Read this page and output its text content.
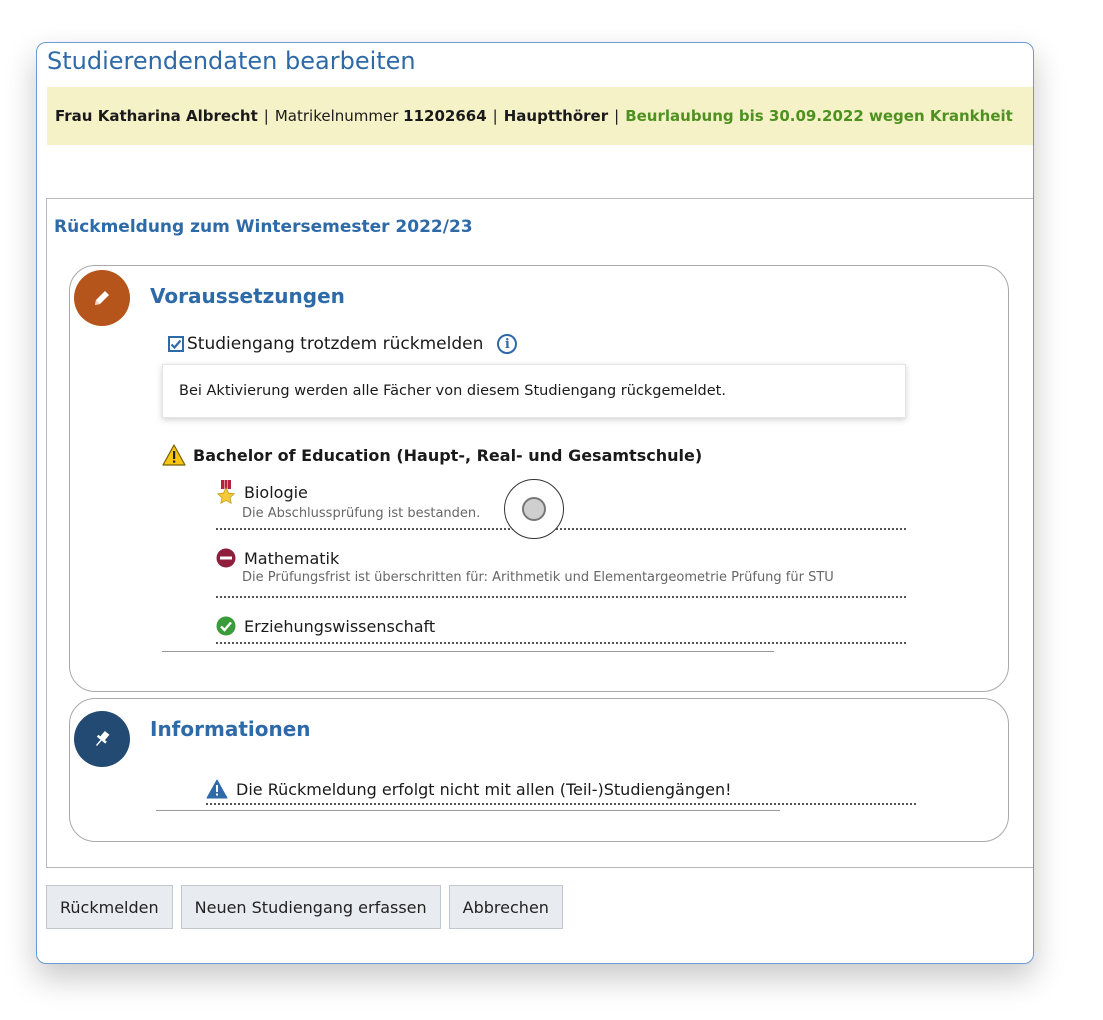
Studierendendaten bearbeiten
Frau Katharina Albrecht | Matrikelnummer
11202664 | Hauptthörer | Beurlaubung bis 30.09.2022 wegen Krankheit
Rückmeldung zum Wintersemester 2022/23
Voraussetzungen
Studiengang trotzdem rückmelden	i
Bei Aktivierung werden alle Fächer von diesem Studiengang rückgemeldet.
Bachelor of Education (Haupt-, Real- und Gesamtschule)
Biologie
Die Abschlussprüfung ist bestanden.
Mathematik
Die Prüfungsfrist ist überschritten für: Arithmetik und Elementargeometrie Prüfung für STU
Erziehungswissenschaft
Informationen
Die Rückmeldung erfolgt nicht mit allen (Teil-)Studiengängen!
Rückmelden	Neuen Studiengang erfassen	Abbrechen
